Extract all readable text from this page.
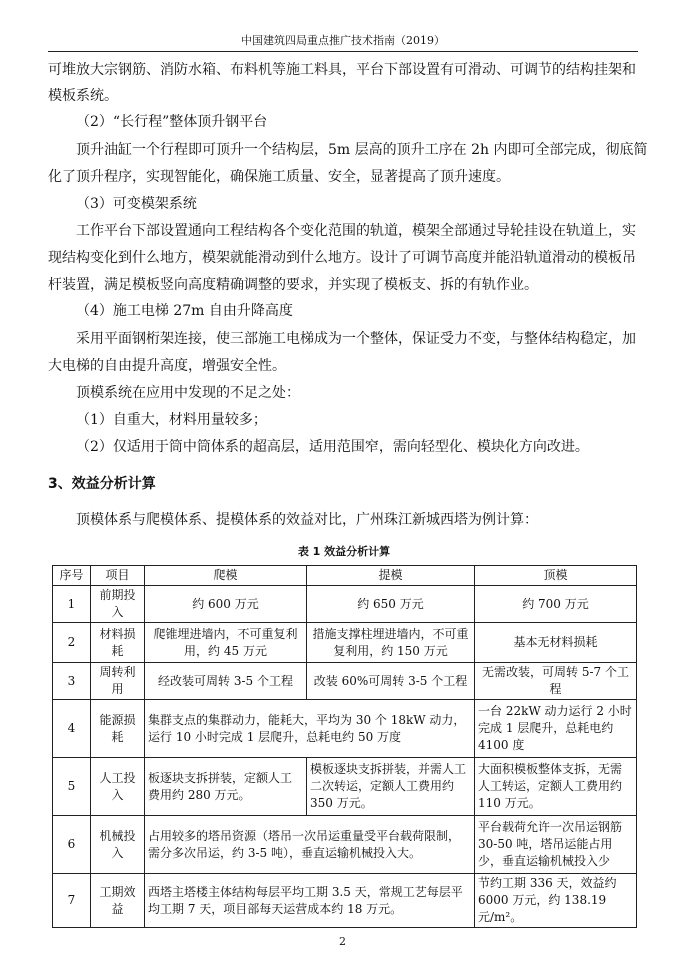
中国建筑四局重点推广技术指南（2019）
可堆放大宗钢筋、消防水箱、布料机等施工料具，平台下部设置有可滑动、可调节的结构挂架和
模板系统。
（2）“长行程”整体顶升钢平台
顶升油缸一个行程即可顶升一个结构层，5m 层高的顶升工序在 2h 内即可全部完成，彻底简
化了顶升程序，实现智能化，确保施工质量、安全，显著提高了顶升速度。
（3）可变模架系统
工作平台下部设置通向工程结构各个变化范围的轨道，模架全部通过导轮挂设在轨道上，实
现结构变化到什么地方，模架就能滑动到什么地方。设计了可调节高度并能沿轨道滑动的模板吊
杆装置，满足模板竖向高度精确调整的要求，并实现了模板支、拆的有轨作业。
（4）施工电梯 27m 自由升降高度
采用平面钢桁架连接，使三部施工电梯成为一个整体，保证受力不变，与整体结构稳定，加
大电梯的自由提升高度，增强安全性。
顶模系统在应用中发现的不足之处：
（1）自重大，材料用量较多；
（2）仅适用于筒中筒体系的超高层，适用范围窄，需向轻型化、模块化方向改进。
3、效益分析计算
顶模体系与爬模体系、提模体系的效益对比，广州珠江新城西塔为例计算：
表 1 效益分析计算
序号	项目	爬模	提模	顶模
1	前期投入	约 600 万元	约 650 万元	约 700 万元
2	材料损耗	爬锥埋进墙内，不可重复利用，约 45 万元	措施支撑柱埋进墙内，不可重复利用，约 150 万元	基本无材料损耗
3	周转利用	经改装可周转 3-5 个工程	改装 60%可周转 3-5 个工程	无需改装，可周转 5-7 个工程
4	能源损耗	集群支点的集群动力，能耗大，平均为 30 个 18kW 动力，运行 10 小时完成 1 层爬升，总耗电约 50 万度		一台 22kW 动力运行 2 小时完成 1 层爬升，总耗电约 4100 度
5	人工投入	板逐块支拆拼装，定额人工费用约 280 万元。	模板逐块支拆拼装，并需人工二次转运，定额人工费用约 350 万元。	大面积模板整体支拆，无需人工转运，定额人工费用约 110 万元。
6	机械投入	占用较多的塔吊资源（塔吊一次吊运重量受平台载荷限制，需分多次吊运，约 3-5 吨），垂直运输机械投入大。		平台载荷允许一次吊运钢筋 30-50 吨，塔吊运能占用少，垂直运输机械投入少
7	工期效益	西塔主塔楼主体结构每层平均工期 3.5 天，常规工艺每层平均工期 7 天，项目部每天运营成本约 18 万元。		节约工期 336 天，效益约 6000 万元，约 138.19 元/m²。
2
